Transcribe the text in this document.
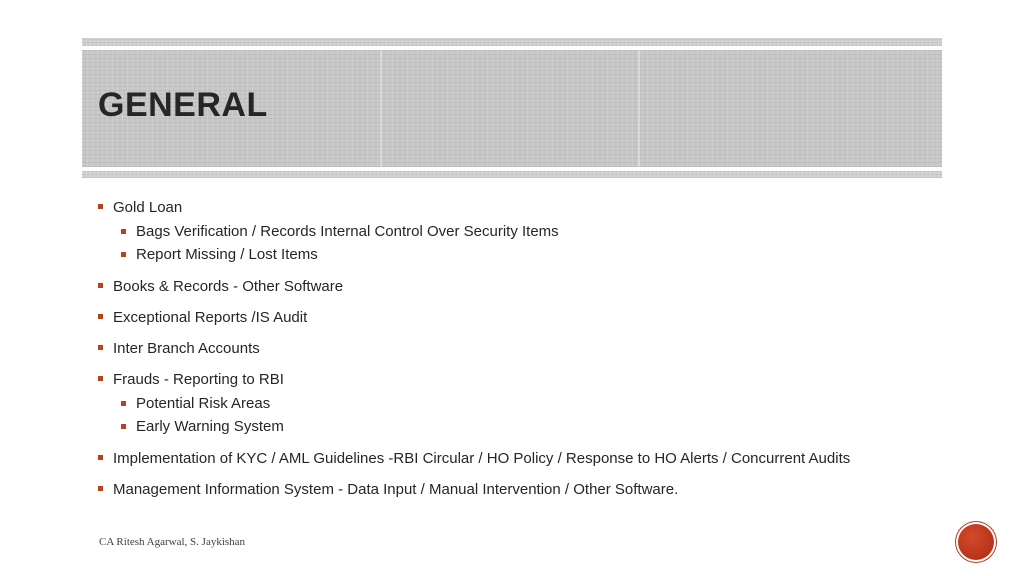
GENERAL
Gold Loan
Bags Verification / Records Internal Control Over Security Items
Report Missing / Lost Items
Books & Records - Other Software
Exceptional Reports /IS Audit
Inter Branch Accounts
Frauds - Reporting to RBI
Potential Risk Areas
Early Warning System
Implementation of KYC / AML Guidelines -RBI Circular / HO Policy / Response to HO Alerts / Concurrent Audits
Management Information System - Data Input / Manual Intervention / Other Software.
CA Ritesh Agarwal, S. Jaykishan
